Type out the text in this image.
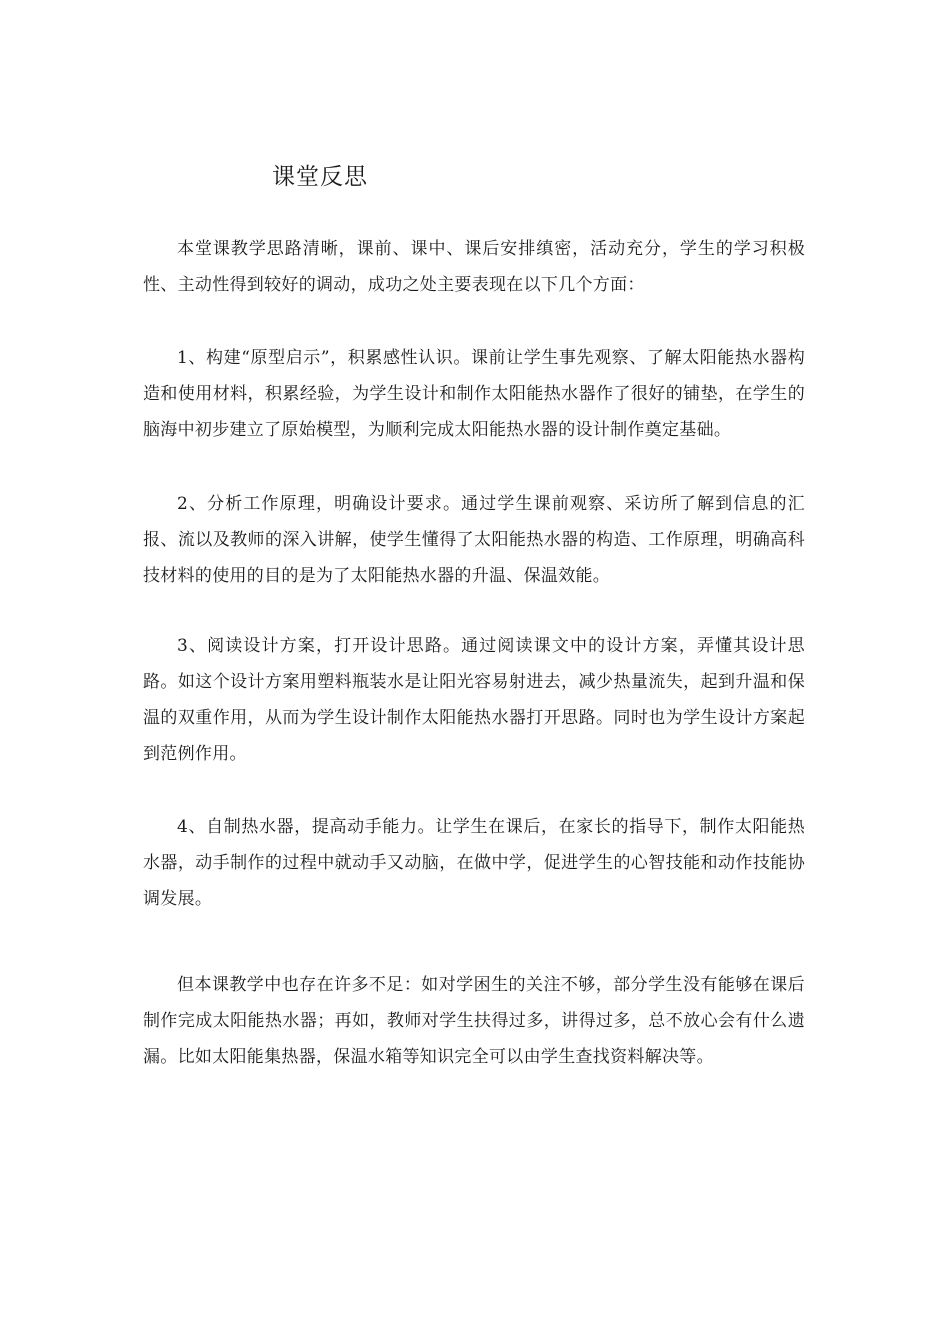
课堂反思

本堂课教学思路清晰，课前、课中、课后安排缜密，活动充分，学生的学习积极性、主动性得到较好的调动，成功之处主要表现在以下几个方面：

1、构建“原型启示”，积累感性认识。课前让学生事先观察、了解太阳能热水器构造和使用材料，积累经验，为学生设计和制作太阳能热水器作了很好的铺垫，在学生的脑海中初步建立了原始模型，为顺利完成太阳能热水器的设计制作奠定基础。

2、分析工作原理，明确设计要求。通过学生课前观察、采访所了解到信息的汇报、流以及教师的深入讲解，使学生懂得了太阳能热水器的构造、工作原理，明确高科技材料的使用的目的是为了太阳能热水器的升温、保温效能。

3、阅读设计方案，打开设计思路。通过阅读课文中的设计方案，弄懂其设计思路。如这个设计方案用塑料瓶装水是让阳光容易射进去，减少热量流失，起到升温和保温的双重作用，从而为学生设计制作太阳能热水器打开思路。同时也为学生设计方案起到范例作用。

4、自制热水器，提高动手能力。让学生在课后，在家长的指导下，制作太阳能热水器，动手制作的过程中就动手又动脑，在做中学，促进学生的心智技能和动作技能协调发展。

但本课教学中也存在许多不足：如对学困生的关注不够，部分学生没有能够在课后制作完成太阳能热水器；再如，教师对学生扶得过多，讲得过多，总不放心会有什么遗漏。比如太阳能集热器，保温水箱等知识完全可以由学生查找资料解决等。
